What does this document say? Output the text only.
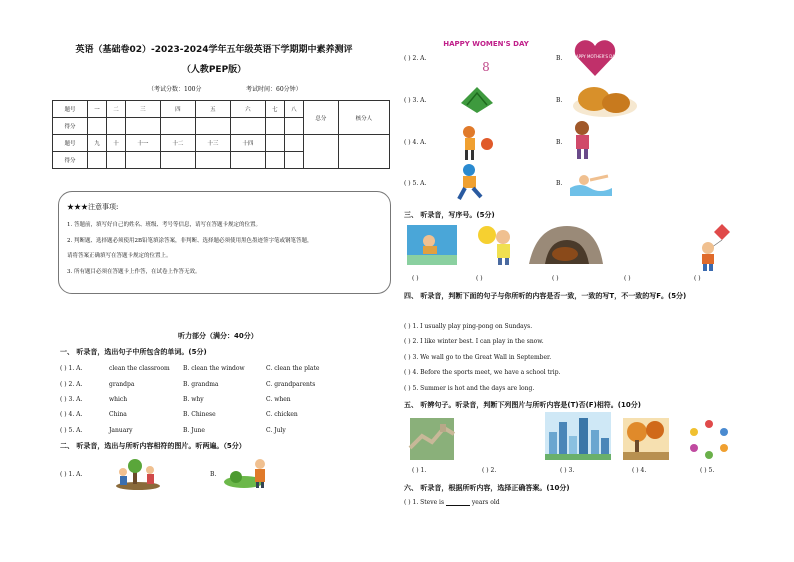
英语（基础卷02）-2023-2024学年五年级英语下学期期中素养测评
（人教PEP版）
（考试分数：100分	考试时间：60分钟）
题号	一	二	三	四	五	六	七	八	总分	核分人
得分										
题号	九	十	十一	十二	十三	十四				
得分										
★★★注意事项:
1. 答题前，填写好自己的姓名、班级、考号等信息，请写在答题卡规定的位置。
2. 判断题、选择题必须使用2B铅笔填涂答案，非判断、选择题必须使用黑色墨迹签字笔或钢笔答题，
请将答案正确填写在答题卡规定的位置上。
3. 所有题目必须在答题卡上作答，在试卷上作答无效。
听力部分（满分：40分）
一、 听录音，选出句子中所包含的单词。(5分)
( ) 1. A.	clean the classroom B. clean the window	C. clean the plate
( ) 2. A.	grandpa	B. grandma	C. grandparents
( ) 3. A.	which	B. why	C. when
( ) 4. A.	China	B. Chinese	C. chicken
( ) 5. A.	January	B. June	C. July
二、 听录音，选出与所听内容相符的图片。听两遍。（5分）
( ) 1. A.	B.
( ) 2. A.	B.
HAPPY WOMEN'S DAY
8
HAPPY MOTHER'S DAY
( ) 3. A.	B.
( ) 4. A.	B.
( ) 5. A.	B.
三、 听录音，写序号。(5分)
( )	( )	( )	( )	( )
四、 听录音，判断下面的句子与你所听的内容是否一致，一致的写T，不一致的写F。(5分)
( ) 1. I usually play ping-pong on Sundays.
( ) 2. I like winter best. I can play in the snow.
( ) 3. We wall go to the Great Wall in September.
( ) 4. Before the sports meet, we have a school trip.
( ) 5. Summer is hot and the days are long.
五、 听辨句子。听录音，判断下列图片与所听内容是(T)否(F)相符。(10分)
( ) 1.	( ) 2.	( ) 3.	( ) 4.	( ) 5.
六、 听录音，根据所听内容，选择正确答案。(10分)
( ) 1. Steve is	years old
